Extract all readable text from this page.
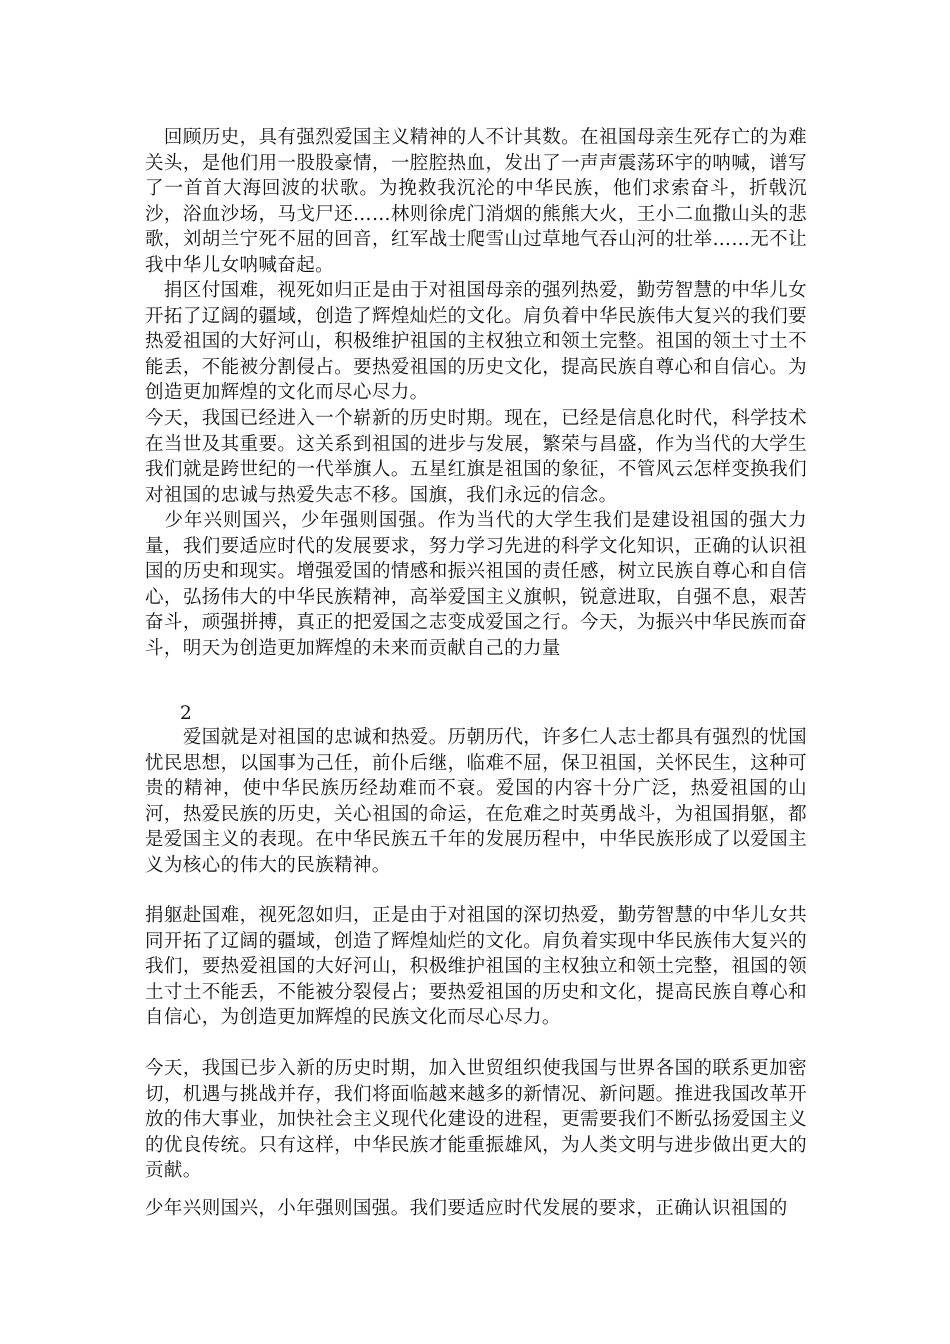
　回顾历史，具有强烈爱国主义精神的人不计其数。在祖国母亲生死存亡的为难关头，是他们用一股股豪情，一腔腔热血，发出了一声声震荡环宇的呐喊，谱写了一首首大海回波的状歌。为挽救我沉沦的中华民族，他们求索奋斗，折戟沉沙，浴血沙场，马戈尸还……林则徐虎门消烟的熊熊大火，王小二血撒山头的悲歌，刘胡兰宁死不屈的回音，红军战士爬雪山过草地气吞山河的壮举……无不让我中华儿女呐喊奋起。

　捐区付国难，视死如归正是由于对祖国母亲的强列热爱，勤劳智慧的中华儿女开拓了辽阔的疆域，创造了辉煌灿烂的文化。肩负着中华民族伟大复兴的我们要热爱祖国的大好河山，积极维护祖国的主权独立和领土完整。祖国的领土寸土不能丢，不能被分割侵占。要热爱祖国的历史文化，提高民族自尊心和自信心。为创造更加辉煌的文化而尽心尽力。

今天，我国已经进入一个崭新的历史时期。现在，已经是信息化时代，科学技术在当世及其重要。这关系到祖国的进步与发展，繁荣与昌盛，作为当代的大学生我们就是跨世纪的一代举旗人。五星红旗是祖国的象征，不管风云怎样变换我们对祖国的忠诚与热爱失志不移。国旗，我们永远的信念。

　少年兴则国兴，少年强则国强。作为当代的大学生我们是建设祖国的强大力量，我们要适应时代的发展要求，努力学习先进的科学文化知识，正确的认识祖国的历史和现实。增强爱国的情感和振兴祖国的责任感，树立民族自尊心和自信心，弘扬伟大的中华民族精神，高举爱国主义旗帜，锐意进取，自强不息，艰苦奋斗，顽强拼搏，真正的把爱国之志变成爱国之行。今天，为振兴中华民族而奋斗，明天为创造更加辉煌的未来而贡献自己的力量

2

　　爱国就是对祖国的忠诚和热爱。历朝历代，许多仁人志士都具有强烈的忧国忧民思想，以国事为己任，前仆后继，临难不屈，保卫祖国，关怀民生，这种可贵的精神，使中华民族历经劫难而不衰。爱国的内容十分广泛，热爱祖国的山河，热爱民族的历史，关心祖国的命运，在危难之时英勇战斗，为祖国捐躯，都是爱国主义的表现。在中华民族五千年的发展历程中，中华民族形成了以爱国主义为核心的伟大的民族精神。

捐躯赴国难，视死忽如归，正是由于对祖国的深切热爱，勤劳智慧的中华儿女共同开拓了辽阔的疆域，创造了辉煌灿烂的文化。肩负着实现中华民族伟大复兴的我们，要热爱祖国的大好河山，积极维护祖国的主权独立和领土完整，祖国的领土寸土不能丢，不能被分裂侵占；要热爱祖国的历史和文化，提高民族自尊心和自信心，为创造更加辉煌的民族文化而尽心尽力。

今天，我国已步入新的历史时期，加入世贸组织使我国与世界各国的联系更加密切，机遇与挑战并存，我们将面临越来越多的新情况、新问题。推进我国改革开放的伟大事业，加快社会主义现代化建设的进程，更需要我们不断弘扬爱国主义的优良传统。只有这样，中华民族才能重振雄风，为人类文明与进步做出更大的贡献。

少年兴则国兴，小年强则国强。我们要适应时代发展的要求，正确认识祖国的
